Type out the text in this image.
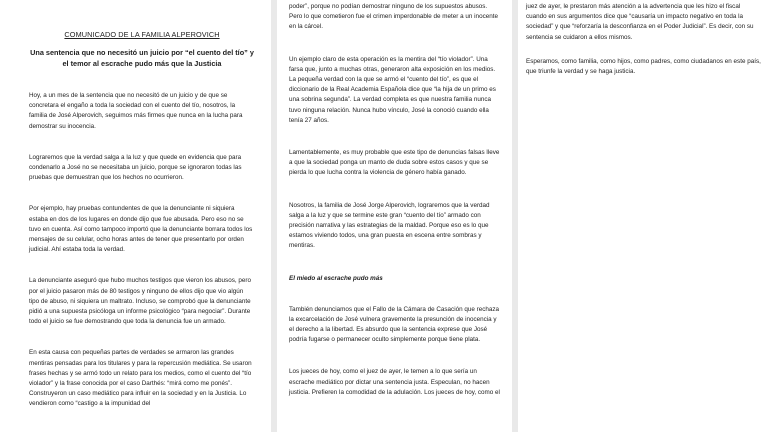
COMUNICADO DE LA FAMILIA ALPEROVICH
Una sentencia que no necesitó un juicio por “el cuento del tío” y el temor al escrache pudo más que la Justicia

Hoy, a un mes de la sentencia que no necesitó de un juicio y de que se concretara el engaño a toda la sociedad con el cuento del tío, nosotros, la familia de José Alperovich, seguimos más firmes que nunca en la lucha para demostrar su inocencia.

Lograremos que la verdad salga a la luz y que quede en evidencia que para condenarlo a José no se necesitaba un juicio, porque se ignoraron todas las pruebas que demuestran que los hechos no ocurrieron.

Por ejemplo, hay pruebas contundentes de que la denunciante ni siquiera estaba en dos de los lugares en donde dijo que fue abusada. Pero eso no se tuvo en cuenta. Así como tampoco importó que la denunciante borrara todos los mensajes de su celular, ocho horas antes de tener que presentarlo por orden judicial. Ahí estaba toda la verdad.

La denunciante aseguró que hubo muchos testigos que vieron los abusos, pero por el juicio pasaron más de 80 testigos y ninguno de ellos dijo que vio algún tipo de abuso, ni siquiera un maltrato. Incluso, se comprobó que la denunciante pidió a una supuesta psicóloga un informe psicológico “para negociar”. Durante todo el juicio se fue demostrando que toda la denuncia fue un armado.

En esta causa con pequeñas partes de verdades se armaron las grandes mentiras pensadas para los titulares y para la repercusión mediática. Se usaron frases hechas y se armó todo un relato para los medios, como el cuento del “tío violador” y la frase conocida por el caso Darthés: “mirá como me ponés”. Construyeron un caso mediático para influir en la sociedad y en la Justicia. Lo vendieron como “castigo a la impunidad del

poder”, porque no podían demostrar ninguno de los supuestos abusos. Pero lo que cometieron fue el crimen imperdonable de meter a un inocente en la cárcel.

Un ejemplo claro de esta operación es la mentira del “tío violador”. Una farsa que, junto a muchas otras, generaron alta exposición en los medios. La pequeña verdad con la que se armó el “cuento del tío”, es que el diccionario de la Real Academia Española dice que “la hija de un primo es una sobrina segunda”. La verdad completa es que nuestra familia nunca tuvo ninguna relación. Nunca hubo vínculo, José la conoció cuando ella tenía 27 años.

Lamentablemente, es muy probable que este tipo de denuncias falsas lleve a que la sociedad ponga un manto de duda sobre estos casos y que se pierda lo que lucha contra la violencia de género había ganado.

Nosotros, la familia de José Jorge Alperovich, lograremos que la verdad salga a la luz y que se termine este gran “cuento del tío” armado con precisión narrativa y las estrategias de la maldad. Porque eso es lo que estamos viviendo todos, una gran puesta en escena entre sombras y mentiras.

El miedo al escrache pudo más

También denunciamos que el Fallo de la Cámara de Casación que rechaza la excarcelación de José vulnera gravemente la presunción de inocencia y el derecho a la libertad. Es absurdo que la sentencia exprese que José podría fugarse o permanecer oculto simplemente porque tiene plata.

Los jueces de hoy, como el juez de ayer, le temen a lo que sería un escrache mediático por dictar una sentencia justa. Especulan, no hacen justicia. Prefieren la comodidad de la adulación. Los jueces de hoy, como el

juez de ayer, le prestaron más atención a la advertencia que les hizo el fiscal cuando en sus argumentos dice que “causaría un impacto negativo en toda la sociedad” y que “reforzaría la desconfianza en el Poder Judicial”. Es decir, con su sentencia se cuidaron a ellos mismos.

Esperamos, como familia, como hijos, como padres, como ciudadanos en este país, que triunfe la verdad y se haga justicia.
